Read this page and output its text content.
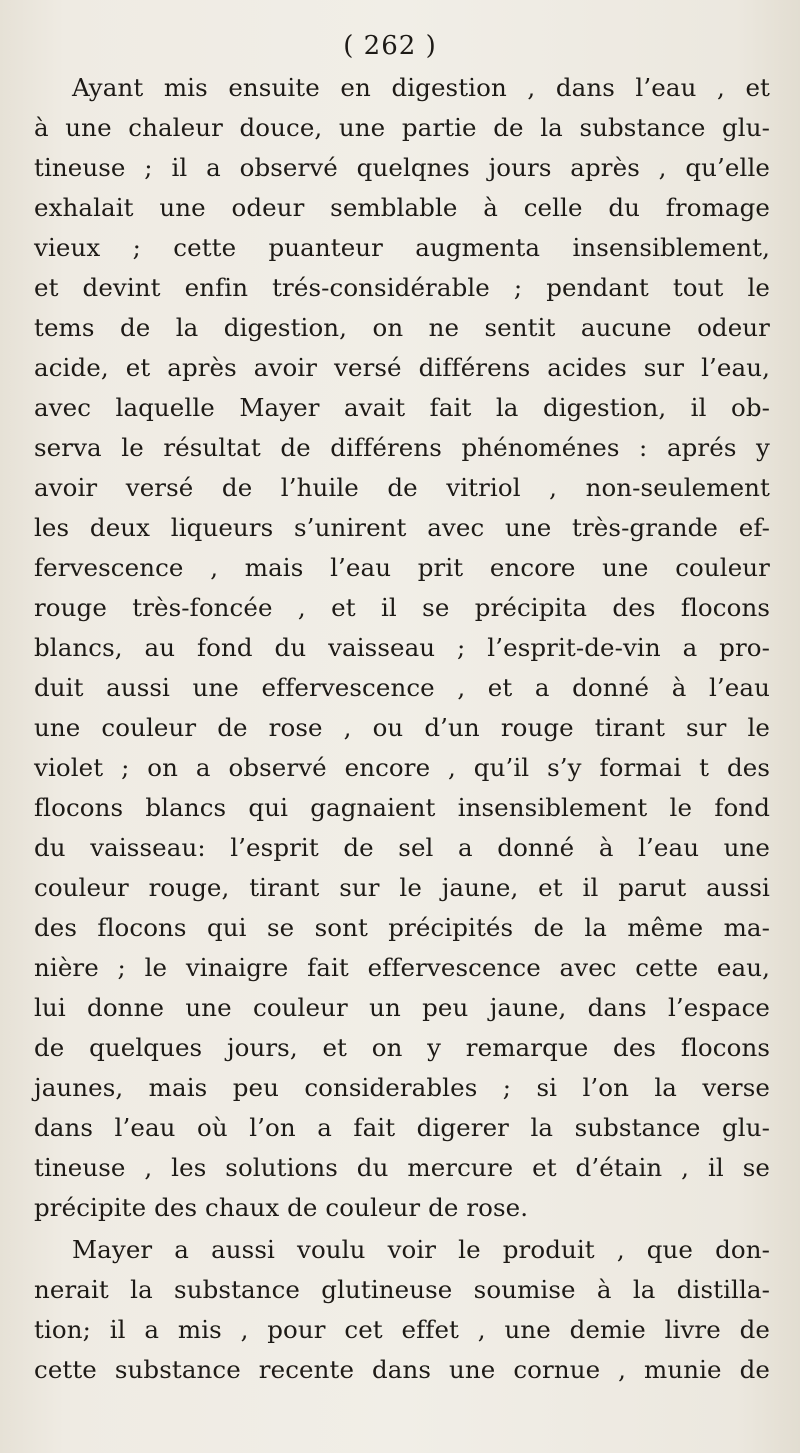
( 262 )
Ayant mis ensuite en digestion , dans l’eau , et
à une chaleur douce, une partie de la substance glu-
tineuse ; il a observé quelqnes jours après , qu’elle
exhalait une odeur semblable à celle du fromage
vieux ; cette puanteur augmenta insensiblement,
et devint enfin trés-considérable ; pendant tout le
tems de la digestion, on ne sentit aucune odeur
acide, et après avoir versé différens acides sur l’eau,
avec laquelle Mayer avait fait la digestion, il ob-
serva le résultat de différens phénoménes : aprés y
avoir versé de l’huile de vitriol , non-seulement
les deux liqueurs s’unirent avec une très-grande ef-
fervescence , mais l’eau prit encore une couleur
rouge très-foncée , et il se précipita des flocons
blancs, au fond du vaisseau ; l’esprit-de-vin a pro-
duit aussi une effervescence , et a donné à l’eau
une couleur de rose , ou d’un rouge tirant sur le
violet ; on a observé encore , qu’il s’y formai t des
flocons blancs qui gagnaient insensiblement le fond
du vaisseau: l’esprit de sel a donné à l’eau une
couleur rouge, tirant sur le jaune, et il parut aussi
des flocons qui se sont précipités de la même ma-
nière ; le vinaigre fait effervescence avec cette eau,
lui donne une couleur un peu jaune, dans l’espace
de quelques jours, et on y remarque des flocons
jaunes, mais peu considerables ; si l’on la verse
dans l’eau où l’on a fait digerer la substance glu-
tineuse , les solutions du mercure et d’étain , il se
précipite des chaux de couleur de rose.
Mayer a aussi voulu voir le produit , que don-
nerait la substance glutineuse soumise à la distilla-
tion; il a mis , pour cet effet , une demie livre de
cette substance recente dans une cornue , munie de
